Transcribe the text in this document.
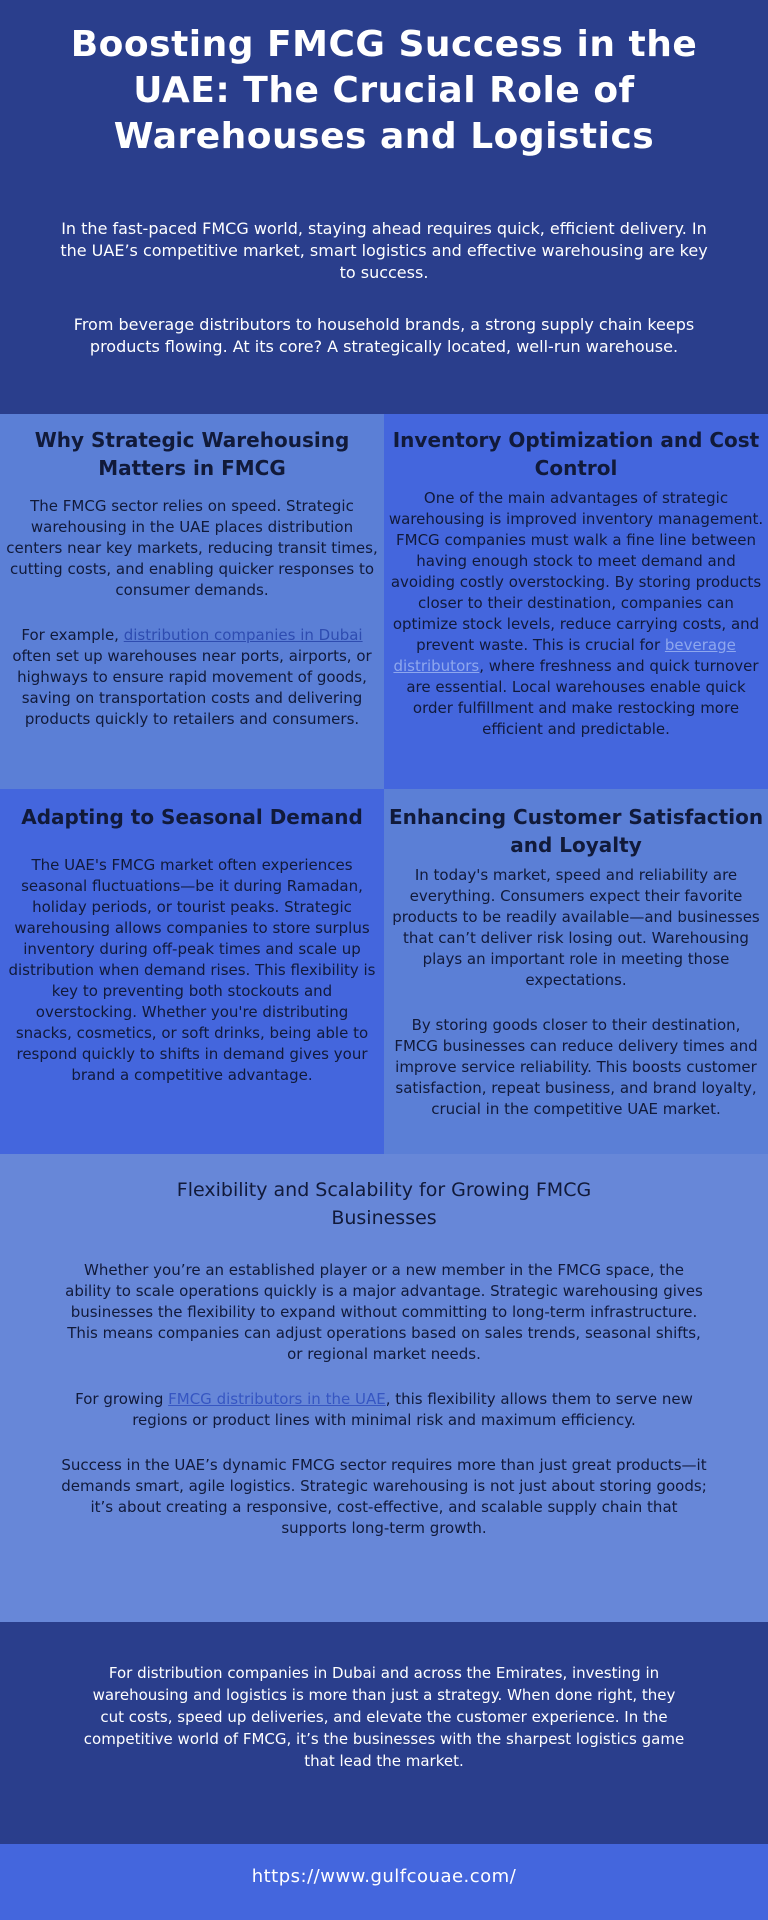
Boosting FMCG Success in the UAE: The Crucial Role of Warehouses and Logistics

In the fast-paced FMCG world, staying ahead requires quick, efficient delivery. In the UAE’s competitive market, smart logistics and effective warehousing are key to success.

From beverage distributors to household brands, a strong supply chain keeps products flowing. At its core? A strategically located, well-run warehouse.

Why Strategic Warehousing Matters in FMCG

The FMCG sector relies on speed. Strategic warehousing in the UAE places distribution centers near key markets, reducing transit times, cutting costs, and enabling quicker responses to consumer demands.

For example, distribution companies in Dubai often set up warehouses near ports, airports, or highways to ensure rapid movement of goods, saving on transportation costs and delivering products quickly to retailers and consumers.

Inventory Optimization and Cost Control

One of the main advantages of strategic warehousing is improved inventory management. FMCG companies must walk a fine line between having enough stock to meet demand and avoiding costly overstocking. By storing products closer to their destination, companies can optimize stock levels, reduce carrying costs, and prevent waste. This is crucial for beverage distributors, where freshness and quick turnover are essential. Local warehouses enable quick order fulfillment and make restocking more efficient and predictable.

Adapting to Seasonal Demand

The UAE's FMCG market often experiences seasonal fluctuations—be it during Ramadan, holiday periods, or tourist peaks. Strategic warehousing allows companies to store surplus inventory during off-peak times and scale up distribution when demand rises. This flexibility is key to preventing both stockouts and overstocking. Whether you're distributing snacks, cosmetics, or soft drinks, being able to respond quickly to shifts in demand gives your brand a competitive advantage.

Enhancing Customer Satisfaction and Loyalty

In today's market, speed and reliability are everything. Consumers expect their favorite products to be readily available—and businesses that can’t deliver risk losing out. Warehousing plays an important role in meeting those expectations.

By storing goods closer to their destination, FMCG businesses can reduce delivery times and improve service reliability. This boosts customer satisfaction, repeat business, and brand loyalty, crucial in the competitive UAE market.

Flexibility and Scalability for Growing FMCG Businesses

Whether you’re an established player or a new member in the FMCG space, the ability to scale operations quickly is a major advantage. Strategic warehousing gives businesses the flexibility to expand without committing to long-term infrastructure. This means companies can adjust operations based on sales trends, seasonal shifts, or regional market needs.

For growing FMCG distributors in the UAE, this flexibility allows them to serve new regions or product lines with minimal risk and maximum efficiency.

Success in the UAE’s dynamic FMCG sector requires more than just great products—it demands smart, agile logistics. Strategic warehousing is not just about storing goods; it’s about creating a responsive, cost-effective, and scalable supply chain that supports long-term growth.

For distribution companies in Dubai and across the Emirates, investing in warehousing and logistics is more than just a strategy. When done right, they cut costs, speed up deliveries, and elevate the customer experience. In the competitive world of FMCG, it’s the businesses with the sharpest logistics game that lead the market.

https://www.gulfcouae.com/
